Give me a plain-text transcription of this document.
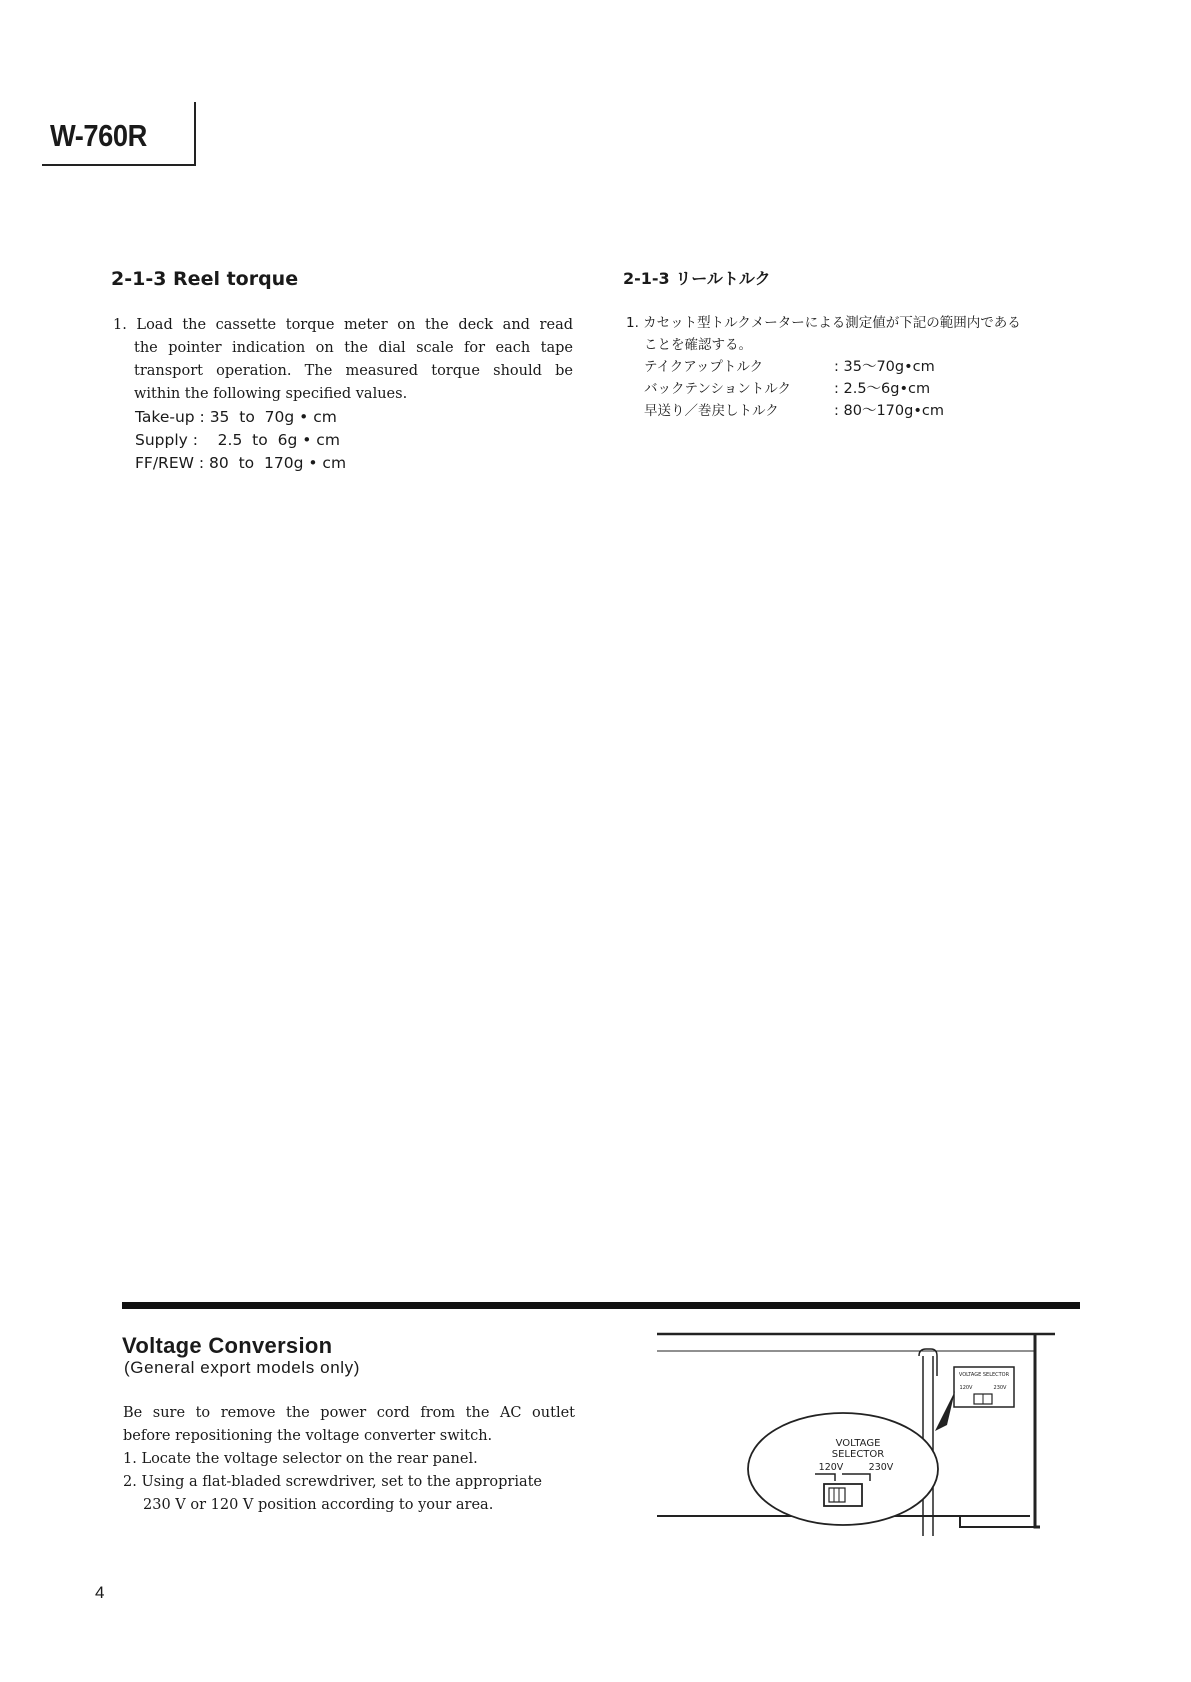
W-760R
2-1-3 Reel torque
1. Load the cassette torque meter on the deck and read
the pointer indication on the dial scale for each tape
transport operation. The measured torque should be
within the following specified values.
Take-up : 35  to  70g • cm
Supply :    2.5  to  6g • cm
FF/REW : 80  to  170g • cm
2-1-3 リールトルク
1. カセット型トルクメーターによる測定値が下記の範囲内である
ことを確認する。
テイクアップトルク	: 35〜70g•cm
バックテンショントルク	: 2.5〜6g•cm
早送り／巻戻しトルク	: 80〜170g•cm
Voltage Conversion
(General export models only)
Be sure to remove the power cord from the AC outlet
before repositioning the voltage converter switch.
1. Locate the voltage selector on the rear panel.
2. Using a flat-bladed screwdriver, set to the appropriate
230 V or 120 V position according to your area.
VOLTAGE SELECTOR
120V	230V
VOLTAGE
SELECTOR
120V	230V
4
